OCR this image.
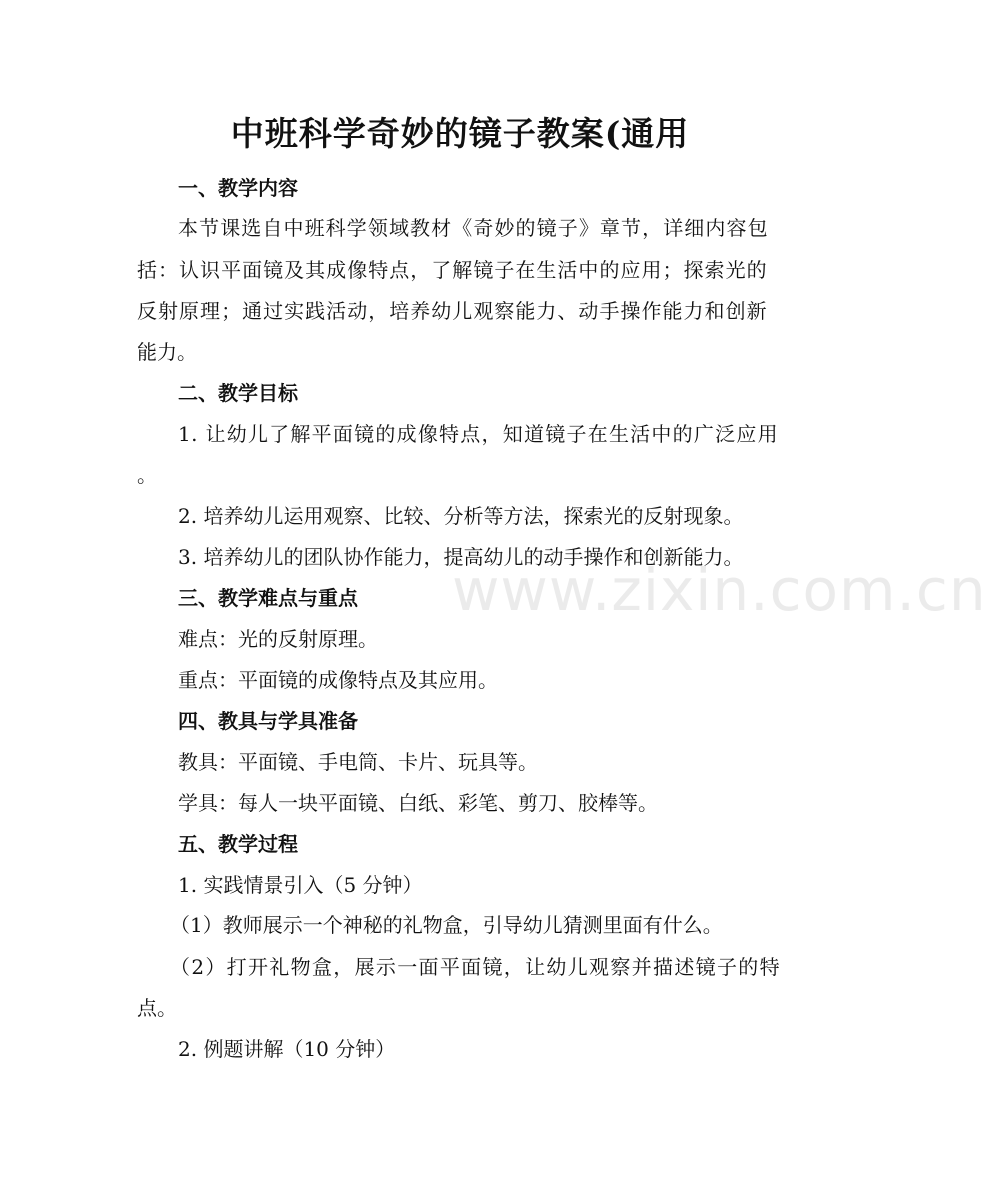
www.zixin.com.cn
中班科学奇妙的镜子教案(通用
一、教学内容
本节课选自中班科学领域教材《奇妙的镜子》章节，详细内容包
括：认识平面镜及其成像特点，了解镜子在生活中的应用；探索光的
反射原理；通过实践活动，培养幼儿观察能力、动手操作能力和创新
能力。
二、教学目标
1. 让幼儿了解平面镜的成像特点，知道镜子在生活中的广泛应用
。
2. 培养幼儿运用观察、比较、分析等方法，探索光的反射现象。
3. 培养幼儿的团队协作能力，提高幼儿的动手操作和创新能力。
三、教学难点与重点
难点：光的反射原理。
重点：平面镜的成像特点及其应用。
四、教具与学具准备
教具：平面镜、手电筒、卡片、玩具等。
学具：每人一块平面镜、白纸、彩笔、剪刀、胶棒等。
五、教学过程
1. 实践情景引入（5 分钟）
（1）教师展示一个神秘的礼物盒，引导幼儿猜测里面有什么。
（2）打开礼物盒，展示一面平面镜，让幼儿观察并描述镜子的特
点。
2. 例题讲解（10 分钟）
